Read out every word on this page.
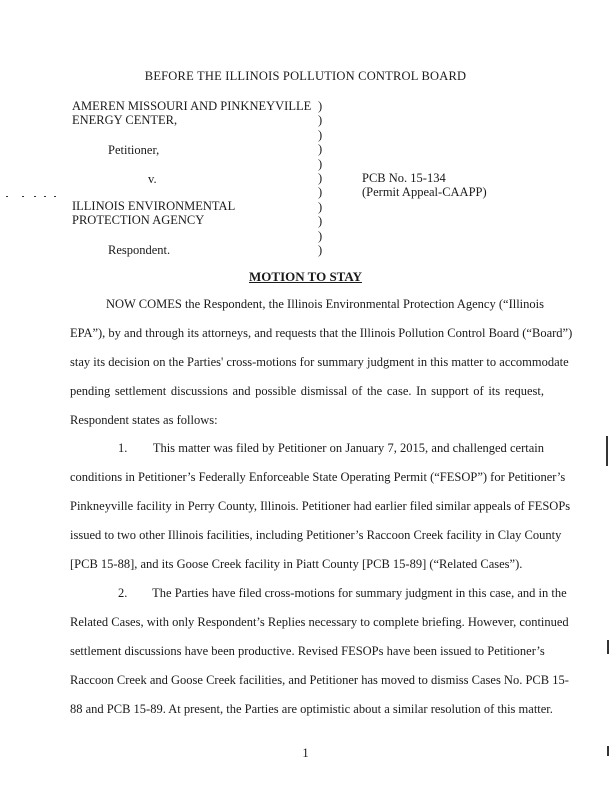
BEFORE THE ILLINOIS POLLUTION CONTROL BOARD
AMEREN MISSOURI AND PINKNEYVILLE
ENERGY CENTER,
Petitioner,
v.
ILLINOIS ENVIRONMENTAL
PROTECTION AGENCY
Respondent.
)
)
)
)
)
)
)
)
)
)
)
PCB No. 15-134
(Permit Appeal-CAAPP)
MOTION TO STAY
NOW COMES the Respondent, the Illinois Environmental Protection Agency (“Illinois
EPA”), by and through its attorneys, and requests that the Illinois Pollution Control Board (“Board”)
stay its decision on the Parties' cross-motions for summary judgment in this matter to accommodate
pending settlement discussions and possible dismissal of the case. In support of its request,
Respondent states as follows:
1.        This matter was filed by Petitioner on January 7, 2015, and challenged certain
conditions in Petitioner’s Federally Enforceable State Operating Permit (“FESOP”) for Petitioner’s
Pinkneyville facility in Perry County, Illinois. Petitioner had earlier filed similar appeals of FESOPs
issued to two other Illinois facilities, including Petitioner’s Raccoon Creek facility in Clay County
[PCB 15-88], and its Goose Creek facility in Piatt County [PCB 15-89] (“Related Cases”).
2.        The Parties have filed cross-motions for summary judgment in this case, and in the
Related Cases, with only Respondent’s Replies necessary to complete briefing. However, continued
settlement discussions have been productive. Revised FESOPs have been issued to Petitioner’s
Raccoon Creek and Goose Creek facilities, and Petitioner has moved to dismiss Cases No. PCB 15-
88 and PCB 15-89. At present, the Parties are optimistic about a similar resolution of this matter.
1
